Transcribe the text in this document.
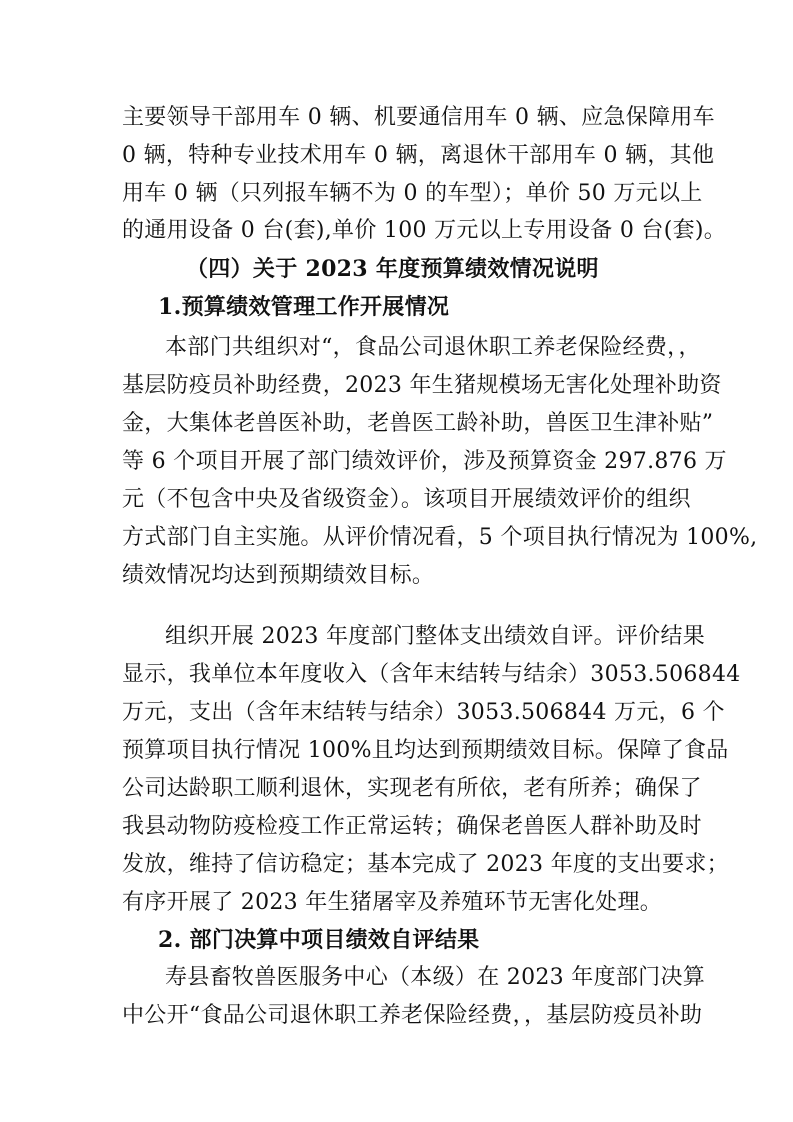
主要领导干部用车 0 辆、机要通信用车 0 辆、应急保障用车
0 辆，特种专业技术用车 0 辆，离退休干部用车 0 辆，其他
用车 0 辆（只列报车辆不为 0 的车型）；单价 50 万元以上
的通用设备 0 台(套),单价 100 万元以上专用设备 0 台(套)。
（四）关于 2023 年度预算绩效情况说明
1.预算绩效管理工作开展情况
本部门共组织对“，食品公司退休职工养老保险经费，，
基层防疫员补助经费，2023 年生猪规模场无害化处理补助资
金，大集体老兽医补助，老兽医工龄补助，兽医卫生津补贴”
等 6 个项目开展了部门绩效评价，涉及预算资金 297.876 万
元（不包含中央及省级资金）。该项目开展绩效评价的组织
方式部门自主实施。从评价情况看，5 个项目执行情况为 100%,
绩效情况均达到预期绩效目标。
组织开展 2023 年度部门整体支出绩效自评。评价结果
显示，我单位本年度收入（含年末结转与结余）3053.506844
万元，支出（含年末结转与结余）3053.506844 万元，6 个
预算项目执行情况 100%且均达到预期绩效目标。保障了食品
公司达龄职工顺利退休，实现老有所依，老有所养；确保了
我县动物防疫检疫工作正常运转；确保老兽医人群补助及时
发放，维持了信访稳定；基本完成了 2023 年度的支出要求；
有序开展了 2023 年生猪屠宰及养殖环节无害化处理。
2. 部门决算中项目绩效自评结果
寿县畜牧兽医服务中心（本级）在 2023 年度部门决算
中公开“食品公司退休职工养老保险经费，，基层防疫员补助
